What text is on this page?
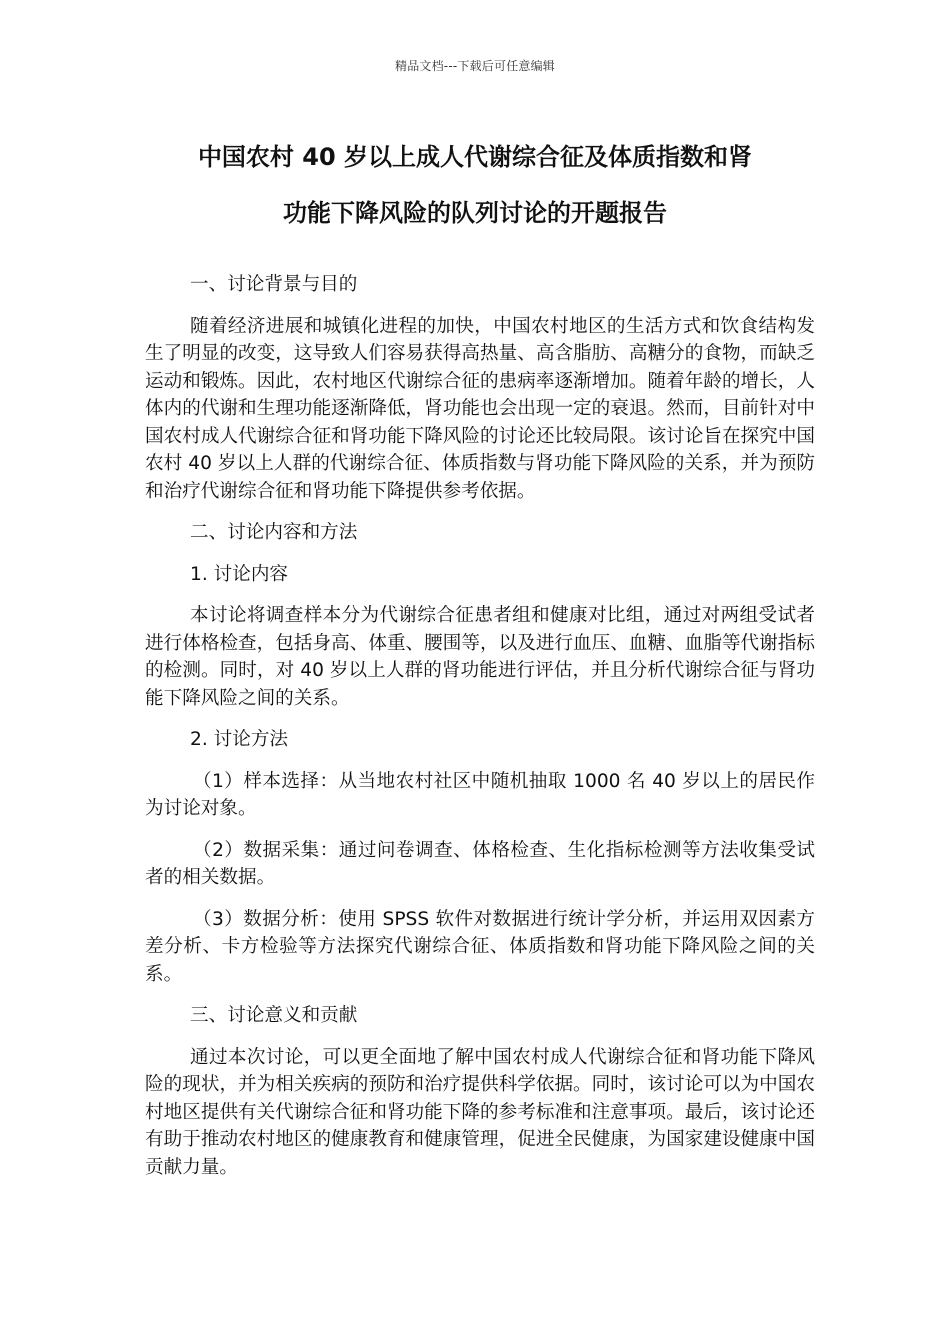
精品文档---下载后可任意编辑
中国农村 40 岁以上成人代谢综合征及体质指数和肾
功能下降风险的队列讨论的开题报告

一、讨论背景与目的

随着经济进展和城镇化进程的加快，中国农村地区的生活方式和饮食结构发生了明显的改变，这导致人们容易获得高热量、高含脂肪、高糖分的食物，而缺乏运动和锻炼。因此，农村地区代谢综合征的患病率逐渐增加。随着年龄的增长，人体内的代谢和生理功能逐渐降低，肾功能也会出现一定的衰退。然而，目前针对中国农村成人代谢综合征和肾功能下降风险的讨论还比较局限。该讨论旨在探究中国农村 40 岁以上人群的代谢综合征、体质指数与肾功能下降风险的关系，并为预防和治疗代谢综合征和肾功能下降提供参考依据。

二、讨论内容和方法

1. 讨论内容

本讨论将调查样本分为代谢综合征患者组和健康对比组，通过对两组受试者进行体格检查，包括身高、体重、腰围等，以及进行血压、血糖、血脂等代谢指标的检测。同时，对 40 岁以上人群的肾功能进行评估，并且分析代谢综合征与肾功能下降风险之间的关系。

2. 讨论方法

（1）样本选择：从当地农村社区中随机抽取 1000 名 40 岁以上的居民作为讨论对象。

（2）数据采集：通过问卷调查、体格检查、生化指标检测等方法收集受试者的相关数据。

（3）数据分析：使用 SPSS 软件对数据进行统计学分析，并运用双因素方差分析、卡方检验等方法探究代谢综合征、体质指数和肾功能下降风险之间的关系。

三、讨论意义和贡献

通过本次讨论，可以更全面地了解中国农村成人代谢综合征和肾功能下降风险的现状，并为相关疾病的预防和治疗提供科学依据。同时，该讨论可以为中国农村地区提供有关代谢综合征和肾功能下降的参考标准和注意事项。最后，该讨论还有助于推动农村地区的健康教育和健康管理，促进全民健康，为国家建设健康中国贡献力量。
